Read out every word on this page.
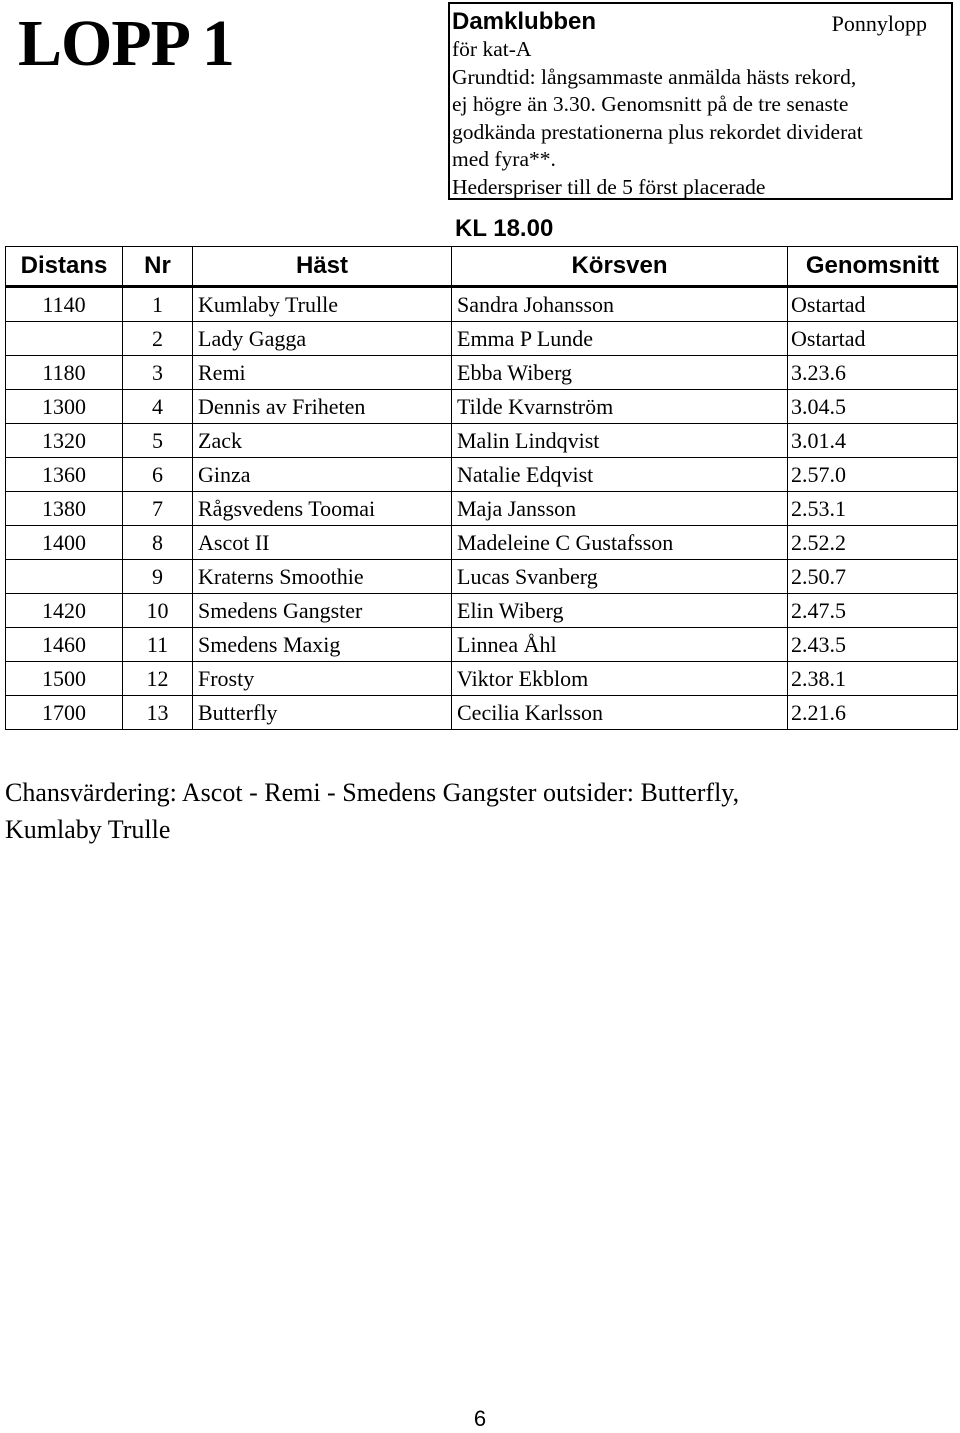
LOPP 1	Damklubben	Ponnylopp
för kat-A
Grundtid: långsammaste anmälda hästs rekord,
ej högre än 3.30. Genomsnitt på de tre senaste
godkända prestationerna plus rekordet dividerat
med fyra**.
Hederspriser till de 5 först placerade
KL 18.00
Distans	Nr	Häst	Körsven	Genomsnitt
1140	1	Kumlaby Trulle	Sandra Johansson	Ostartad
	2	Lady Gagga	Emma P Lunde	Ostartad
1180	3	Remi	Ebba Wiberg	3.23.6
1300	4	Dennis av Friheten	Tilde Kvarnström	3.04.5
1320	5	Zack	Malin Lindqvist	3.01.4
1360	6	Ginza	Natalie Edqvist	2.57.0
1380	7	Rågsvedens Toomai	Maja Jansson	2.53.1
1400	8	Ascot II	Madeleine C Gustafsson	2.52.2
	9	Kraterns Smoothie	Lucas Svanberg	2.50.7
1420	10	Smedens Gangster	Elin Wiberg	2.47.5
1460	11	Smedens Maxig	Linnea Åhl	2.43.5
1500	12	Frosty	Viktor Ekblom	2.38.1
1700	13	Butterfly	Cecilia Karlsson	2.21.6
Chansvärdering: Ascot - Remi - Smedens Gangster outsider: Butterfly,
Kumlaby Trulle
6
